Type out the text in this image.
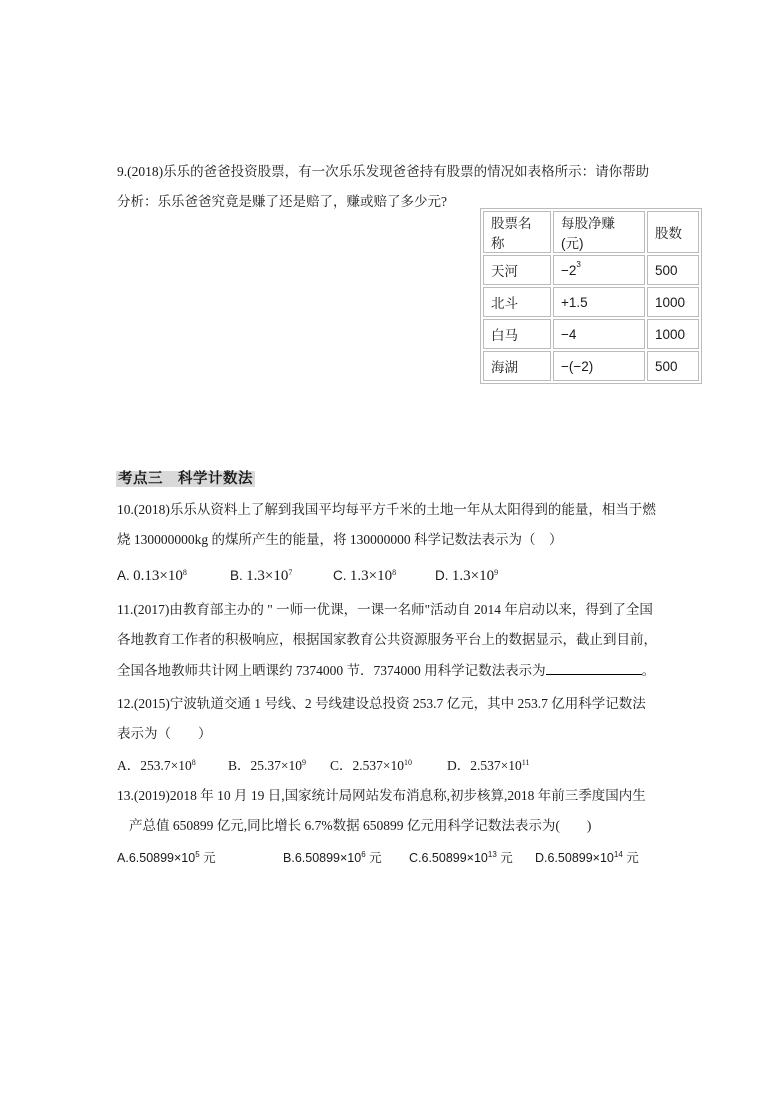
9.(2018)乐乐的爸爸投资股票，有一次乐乐发现爸爸持有股票的情况如表格所示：请你帮助
分析：乐乐爸爸究竟是赚了还是赔了，赚或赔了多少元?
股票名称	每股净赚(元)	股数
天河	$-2^3$	500
北斗	+1.5	1000
白马	−4	1000
海湖	−(−2)	500
考点三　科学计数法
10.(2018)乐乐从资料上了解到我国平均每平方千米的土地一年从太阳得到的能量，相当于燃
烧 130000000kg 的煤所产生的能量，将 130000000 科学记数法表示为（　）
A. $0.13\times 10^8$	B. $1.3\times 10^7$	C. $1.3\times 10^8$	D. $1.3\times 10^9$
11.(2017)由教育部主办的 " 一师一优课，一课一名师"活动自 2014 年启动以来，得到了全国
各地教育工作者的积极响应，根据国家教育公共资源服务平台上的数据显示，截止到目前，
全国各地教师共计网上晒课约 7374000 节．7374000 用科学记数法表示为	。
12.(2015)宁波轨道交通 1 号线、2 号线建设总投资 253.7 亿元，其中 253.7 亿用科学记数法
表示为（　　）
A．$253.7\times 10^8$ B．$25.37\times 10^9$ C．$2.537\times 10^{10}$	D．$2.537\times 10^{11}$
13.(2019)2018 年 10 月 19 日,国家统计局网站发布消息称,初步核算,2018 年前三季度国内生
产总值 650899 亿元,同比增长 6.7%数据 650899 亿元用科学记数法表示为(　　)
$A.6.50899\times 10^5$ 元	$B.6.50899\times 10^6$ 元 $C.6.50899\times 10^{13}$ 元 $D.6.50899\times 10^{14}$ 元
